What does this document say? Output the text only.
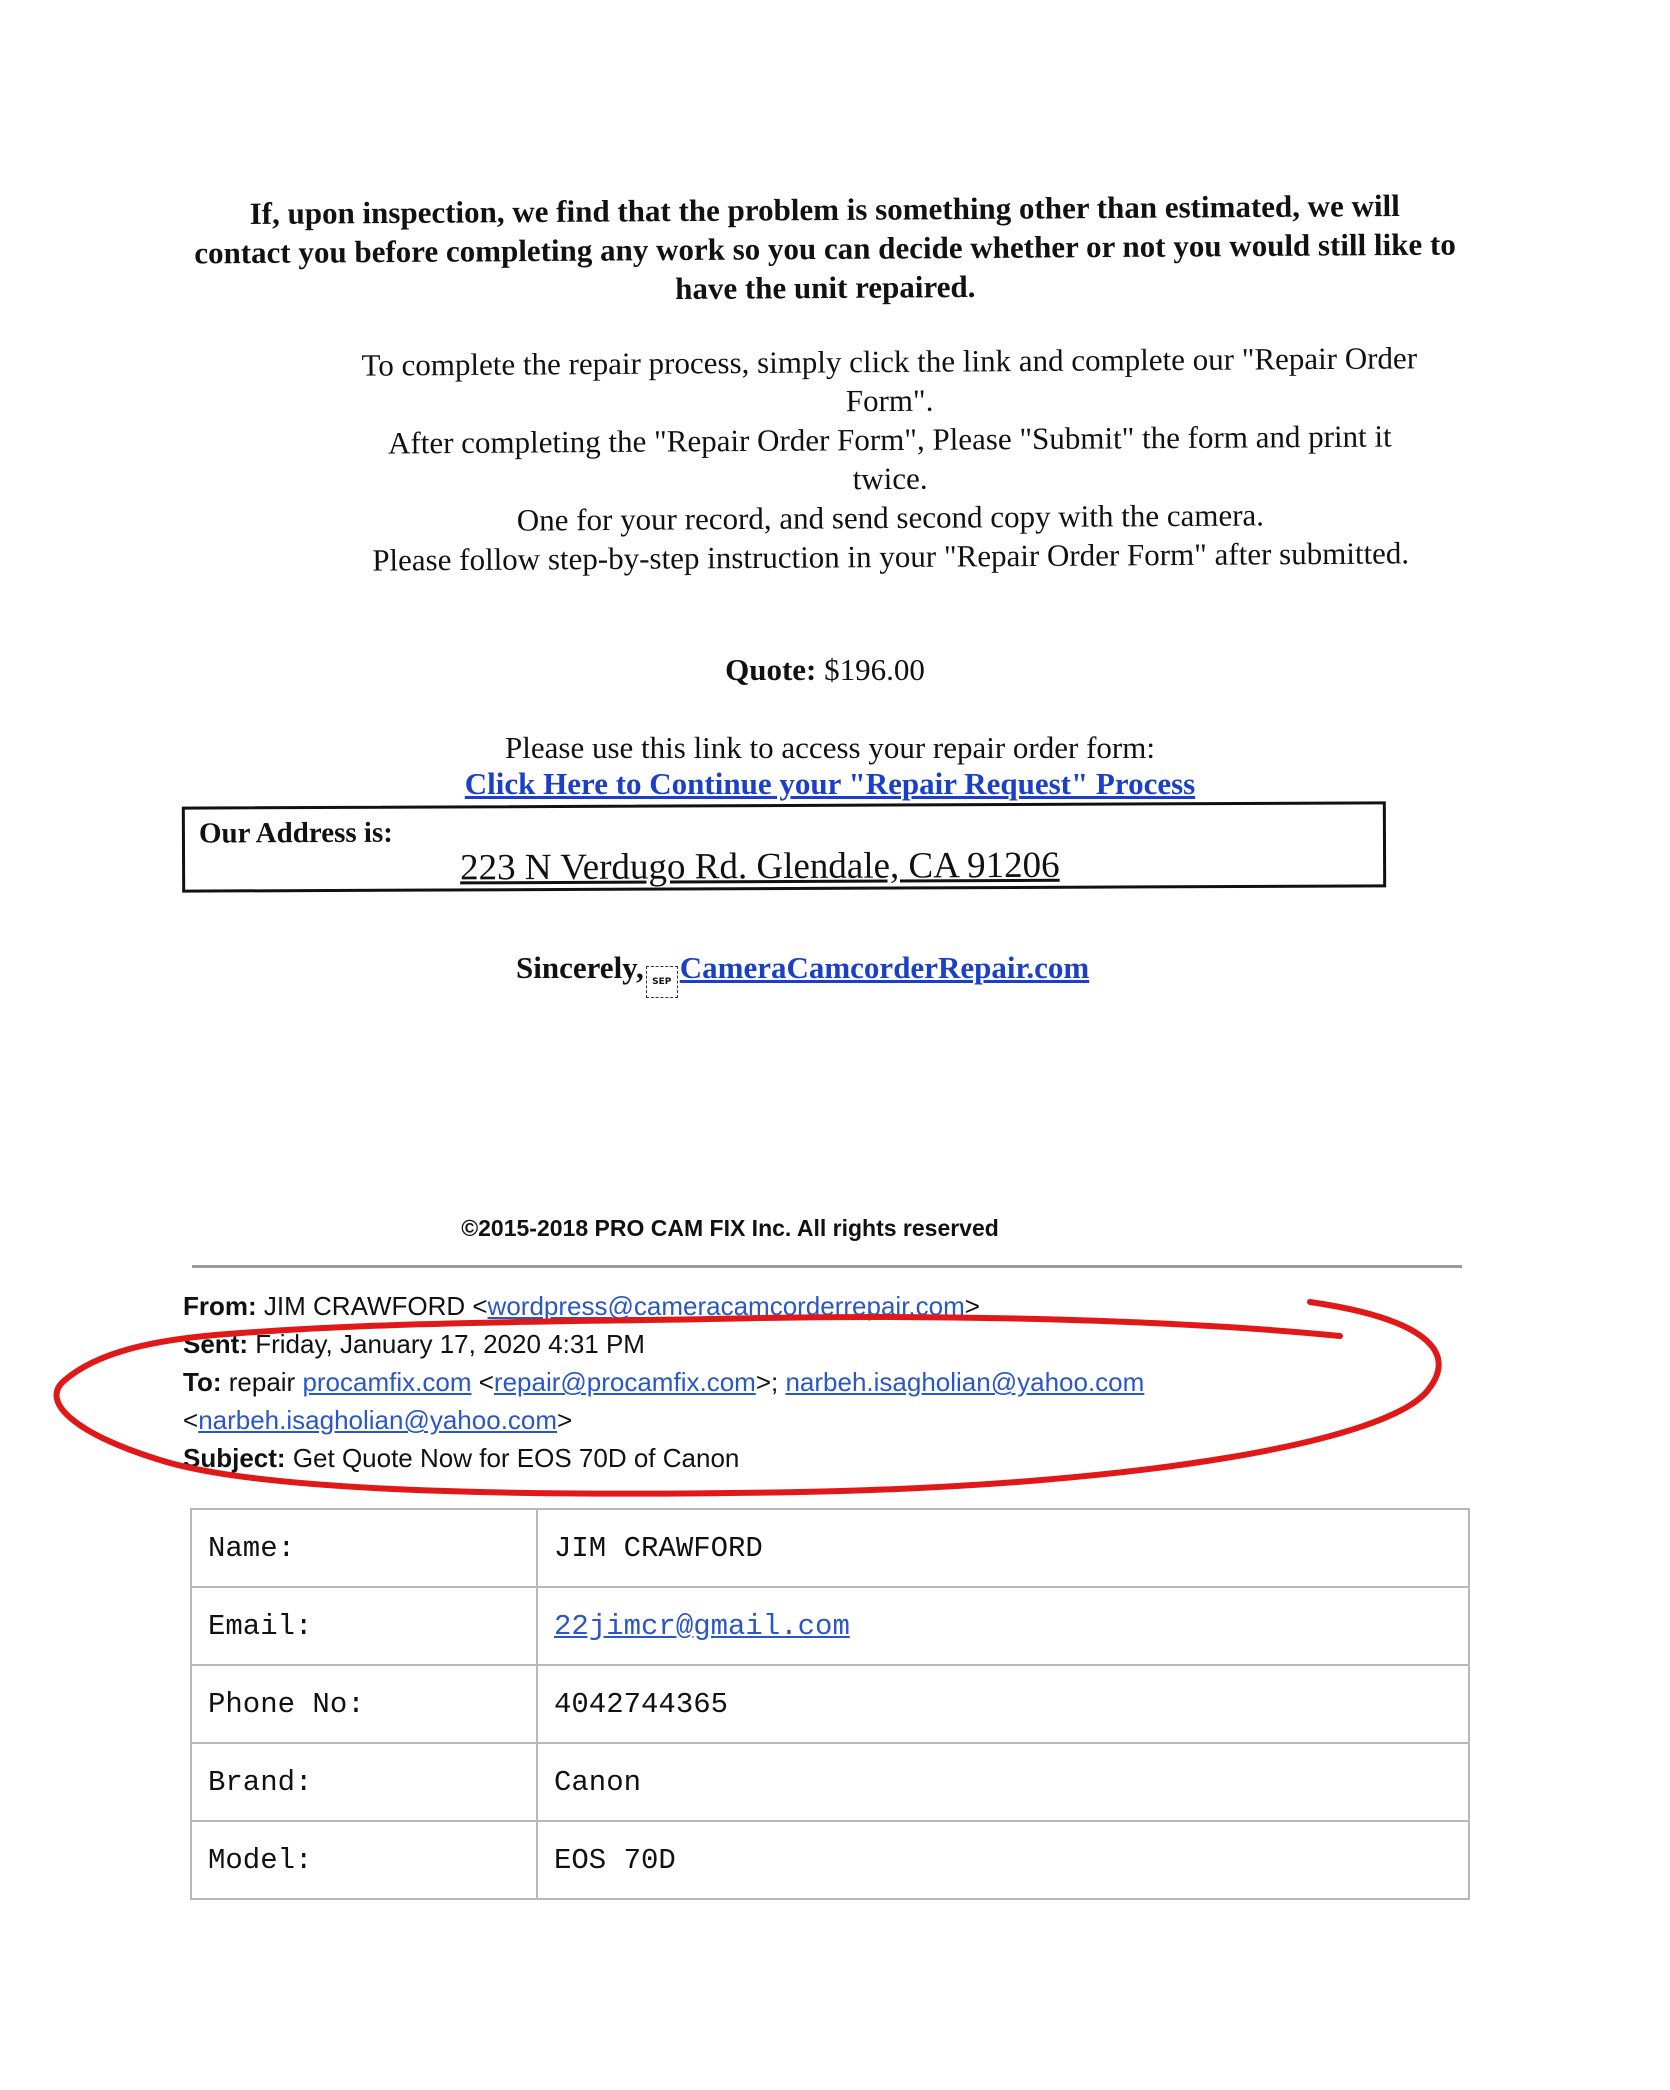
If, upon inspection, we find that the problem is something other than estimated, we will
contact you before completing any work so you can decide whether or not you would still like to
have the unit repaired.
To complete the repair process, simply click the link and complete our "Repair Order
Form".
After completing the "Repair Order Form", Please "Submit" the form and print it
twice.
One for your record, and send second copy with the camera.
Please follow step-by-step instruction in your "Repair Order Form" after submitted.
Quote: $196.00
Please use this link to access your repair order form:
Click Here to Continue your "Repair Request" Process
Our Address is:
223 N Verdugo Rd. Glendale, CA 91206
Sincerely, SEP CameraCamcorderRepair.com
©2015-2018 PRO CAM FIX Inc. All rights reserved
From: JIM CRAWFORD <wordpress@cameracamcorderrepair.com>
Sent: Friday, January 17, 2020 4:31 PM
To: repair procamfix.com <repair@procamfix.com>; narbeh.isagholian@yahoo.com
<narbeh.isagholian@yahoo.com>
Subject: Get Quote Now for EOS 70D of Canon
Name:	JIM CRAWFORD
Email:	22jimcr@gmail.com
Phone No:	4042744365
Brand:	Canon
Model:	EOS 70D
